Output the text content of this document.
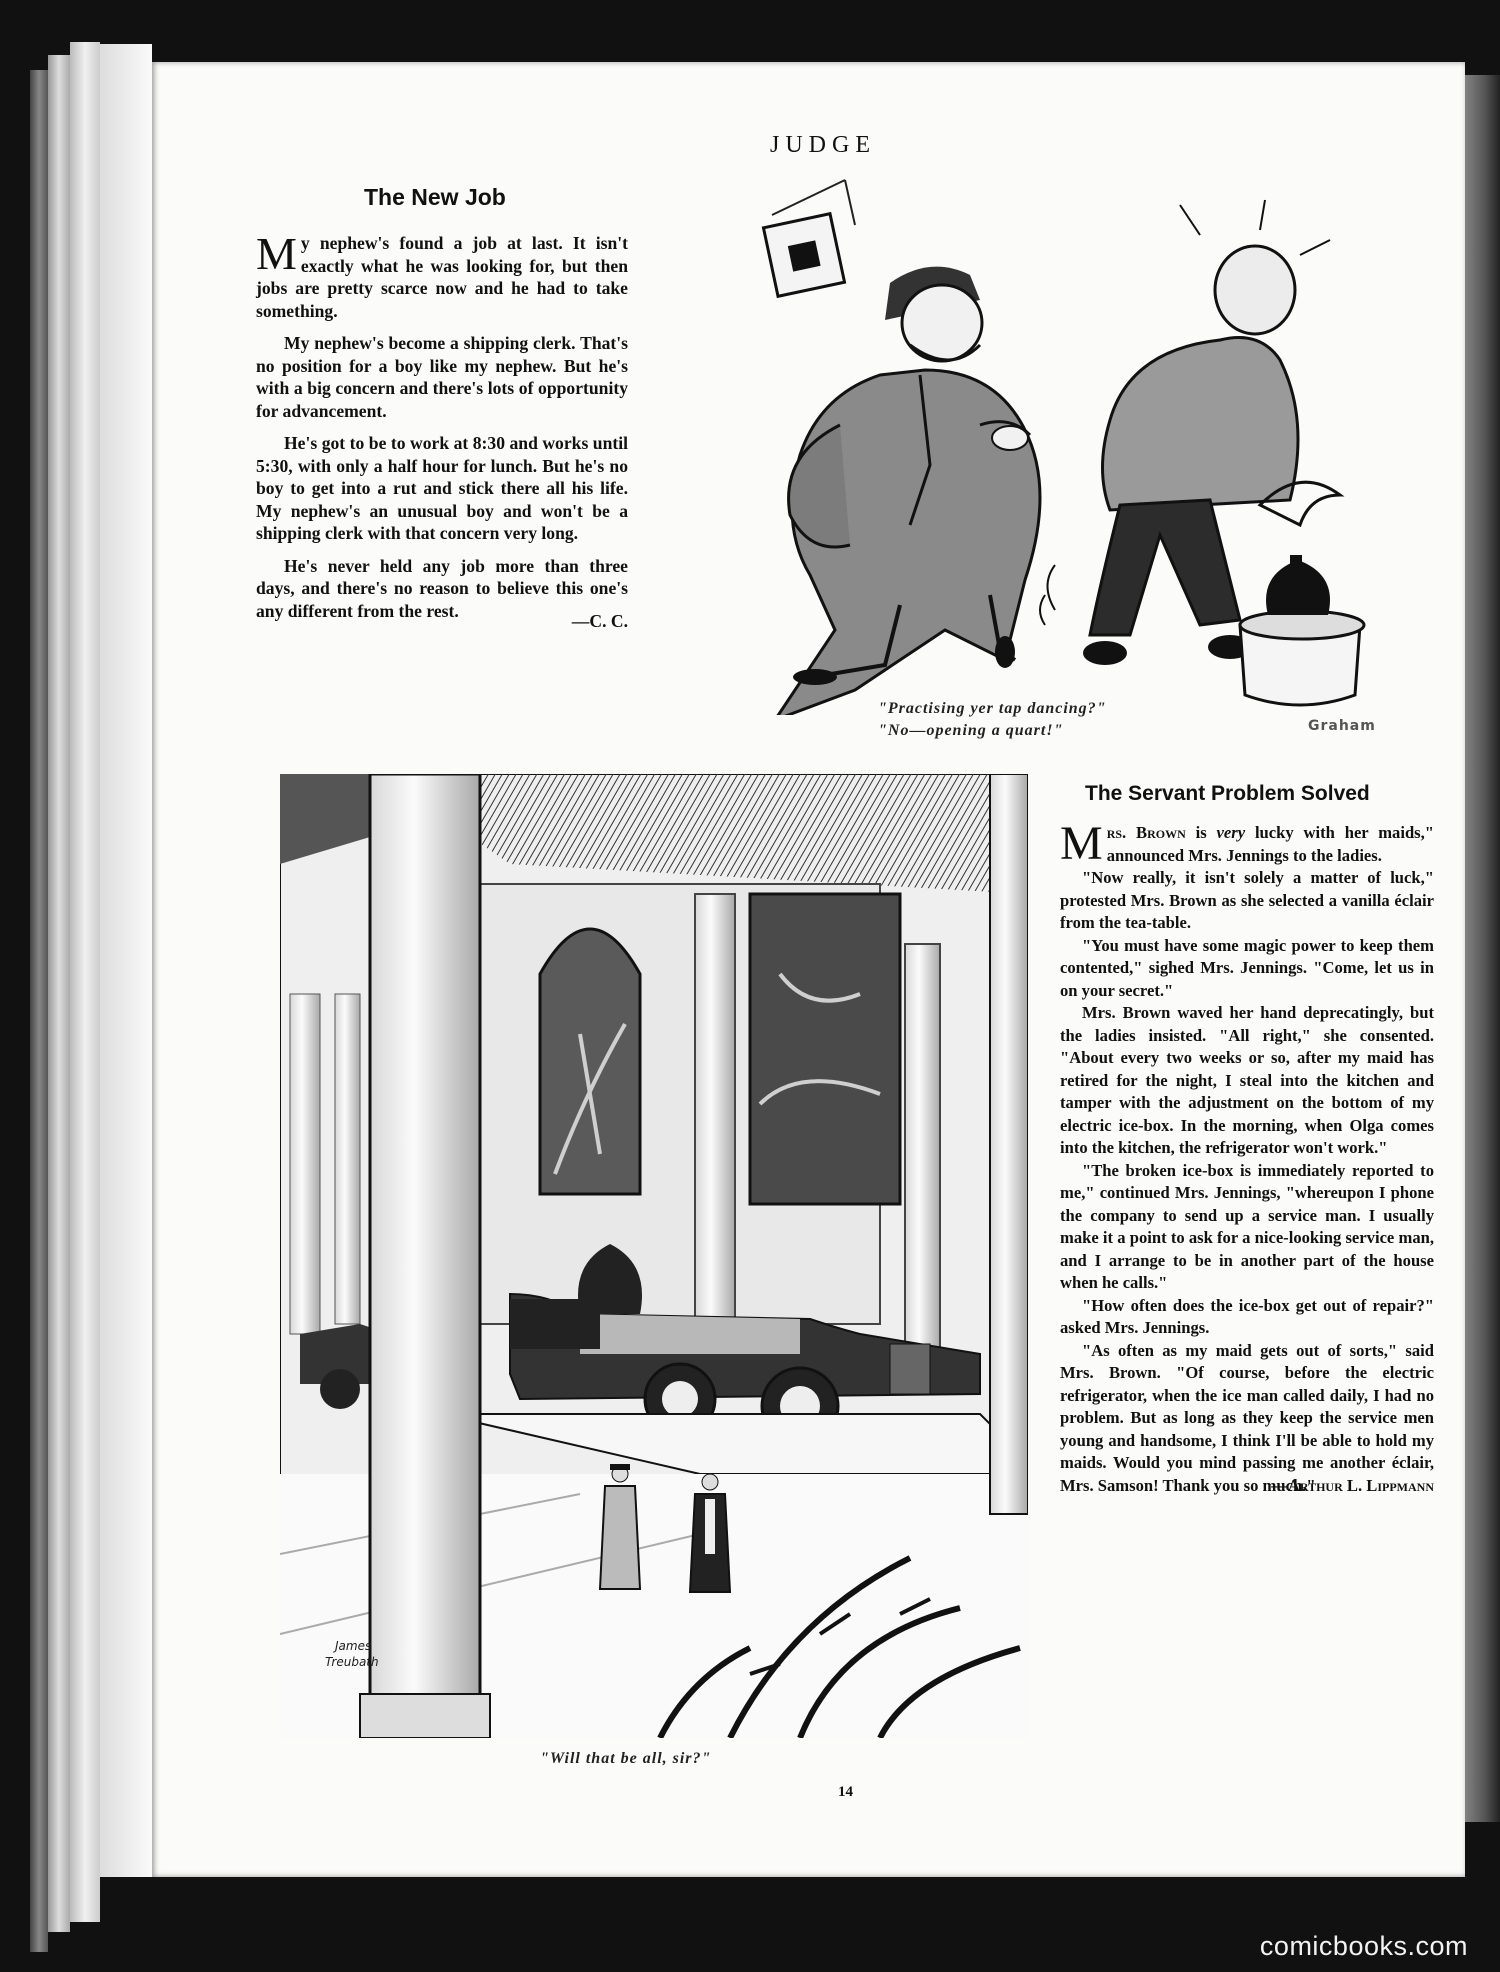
The New Job

My nephew's found a job at last. It isn't exactly what he was looking for, but then jobs are pretty scarce now and he had to take something.

My nephew's become a shipping clerk. That's no position for a boy like my nephew. But he's with a big concern and there's lots of opportunity for advancement.

He's got to be to work at 8:30 and works until 5:30, with only a half hour for lunch. But he's no boy to get into a rut and stick there all his life. My nephew's an unusual boy and won't be a shipping clerk with that concern very long.

He's never held any job more than three days, and there's no reason to believe this one's any different from the rest.

—C. C.
"Practising yer tap dancing?"
"No—opening a quart!"	Graham
James
Treubath
"Will that be all, sir?"
The Servant Problem Solved

Mrs. Brown is very lucky with her maids," announced Mrs. Jennings to the ladies.

"Now really, it isn't solely a matter of luck," protested Mrs. Brown as she selected a vanilla éclair from the tea-table.

"You must have some magic power to keep them contented," sighed Mrs. Jennings. "Come, let us in on your secret."

Mrs. Brown waved her hand deprecatingly, but the ladies insisted. "All right," she consented. "About every two weeks or so, after my maid has retired for the night, I steal into the kitchen and tamper with the adjustment on the bottom of my electric ice-box. In the morning, when Olga comes into the kitchen, the refrigerator won't work."

"The broken ice-box is immediately reported to me," continued Mrs. Jennings, "whereupon I phone the company to send up a service man. I usually make it a point to ask for a nice-looking service man, and I arrange to be in another part of the house when he calls."

"How often does the ice-box get out of repair?" asked Mrs. Jennings.

"As often as my maid gets out of sorts," said Mrs. Brown. "Of course, before the electric refrigerator, when the ice man called daily, I had no problem. But as long as they keep the service men young and handsome, I think I'll be able to hold my maids. Would you mind passing me another éclair, Mrs. Samson! Thank you so much."

—Arthur L. Lippmann
14
comicbooks.com
